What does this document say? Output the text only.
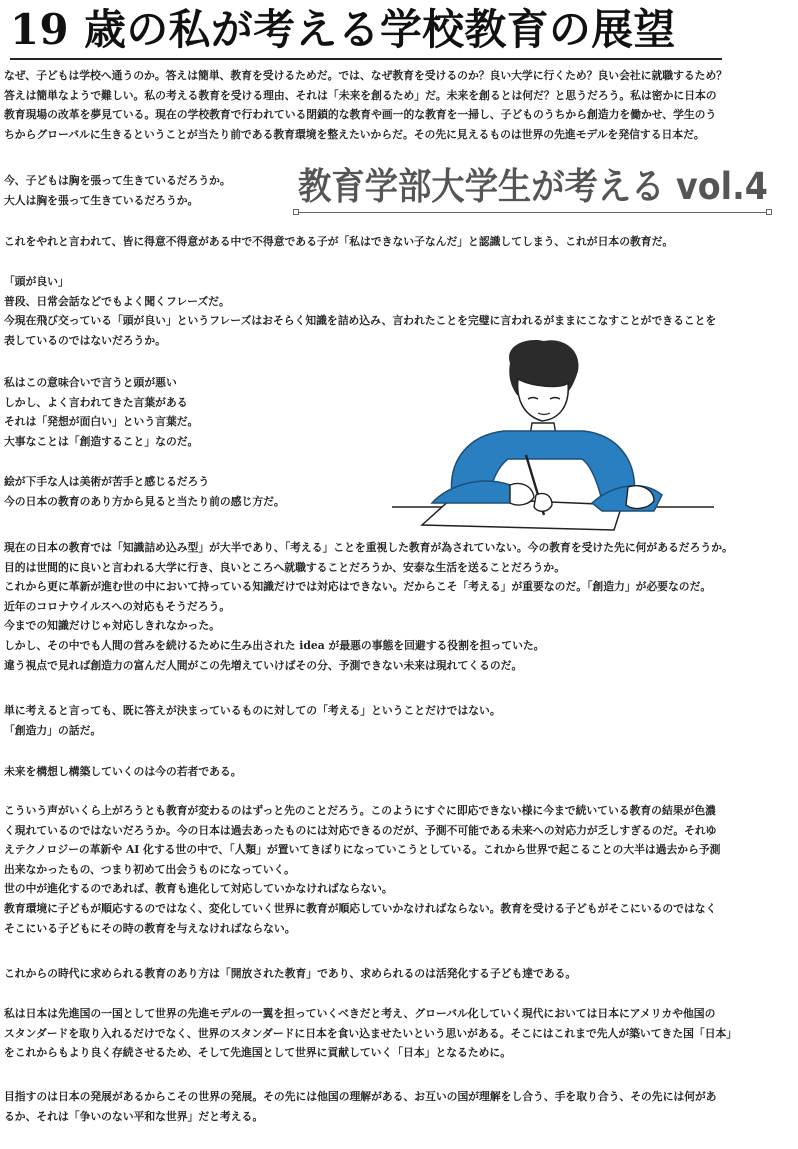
19 歳の私が考える学校教育の展望
なぜ、子どもは学校へ通うのか。答えは簡単、教育を受けるためだ。では、なぜ教育を受けるのか？良い大学に行くため？良い会社に就職するため？
答えは簡単なようで難しい。私の考える教育を受ける理由、それは「未来を創るため」だ。未来を創るとは何だ？と思うだろう。私は密かに日本の
教育現場の改革を夢見ている。現在の学校教育で行われている閉鎖的な教育や画一的な教育を一掃し、子どものうちから創造力を働かせ、学生のう
ちからグローバルに生きるということが当たり前である教育環境を整えたいからだ。その先に見えるものは世界の先進モデルを発信する日本だ。
今、子どもは胸を張って生きているだろうか。
大人は胸を張って生きているだろうか。	教育学部大学生が考える vol.4
これをやれと言われて、皆に得意不得意がある中で不得意である子が「私はできない子なんだ」と認識してしまう、これが日本の教育だ。
「頭が良い」
普段、日常会話などでもよく聞くフレーズだ。
今現在飛び交っている「頭が良い」というフレーズはおそらく知識を詰め込み、言われたことを完璧に言われるがままにこなすことができることを
表しているのではないだろうか。
私はこの意味合いで言うと頭が悪い
しかし、よく言われてきた言葉がある
それは「発想が面白い」という言葉だ。
大事なことは「創造すること」なのだ。
絵が下手な人は美術が苦手と感じるだろう
今の日本の教育のあり方から見ると当たり前の感じ方だ。
現在の日本の教育では「知識詰め込み型」が大半であり、「考える」ことを重視した教育が為されていない。今の教育を受けた先に何があるだろうか。
目的は世間的に良いと言われる大学に行き、良いところへ就職することだろうか、安泰な生活を送ることだろうか。
これから更に革新が進む世の中において持っている知識だけでは対応はできない。だからこそ「考える」が重要なのだ。「創造力」が必要なのだ。
近年のコロナウイルスへの対応もそうだろう。
今までの知識だけじゃ対応しきれなかった。
しかし、その中でも人間の営みを続けるために生み出された idea が最悪の事態を回避する役割を担っていた。
違う視点で見れば創造力の富んだ人間がこの先増えていけばその分、予測できない未来は現れてくるのだ。
単に考えると言っても、既に答えが決まっているものに対しての「考える」ということだけではない。
「創造力」の話だ。
未来を構想し構築していくのは今の若者である。
こういう声がいくら上がろうとも教育が変わるのはずっと先のことだろう。このようにすぐに即応できない様に今まで続いている教育の結果が色濃
く現れているのではないだろうか。今の日本は過去あったものには対応できるのだが、予測不可能である未来への対応力が乏しすぎるのだ。それゆ
えテクノロジーの革新や AI 化する世の中で、「人類」が置いてきぼりになっていこうとしている。これから世界で起こることの大半は過去から予測
出来なかったもの、つまり初めて出会うものになっていく。
世の中が進化するのであれば、教育も進化して対応していかなければならない。
教育環境に子どもが順応するのではなく、変化していく世界に教育が順応していかなければならない。教育を受ける子どもがそこにいるのではなく
そこにいる子どもにその時の教育を与えなければならない。
これからの時代に求められる教育のあり方は「開放された教育」であり、求められるのは活発化する子ども達である。
私は日本は先進国の一国として世界の先進モデルの一翼を担っていくべきだと考え、グローバル化していく現代においては日本にアメリカや他国の
スタンダードを取り入れるだけでなく、世界のスタンダードに日本を食い込ませたいという思いがある。そこにはこれまで先人が築いてきた国「日本」
をこれからもより良く存続させるため、そして先進国として世界に貢献していく「日本」となるために。
目指すのは日本の発展があるからこその世界の発展。その先には他国の理解がある、お互いの国が理解をし合う、手を取り合う、その先には何があ
るか、それは「争いのない平和な世界」だと考える。
